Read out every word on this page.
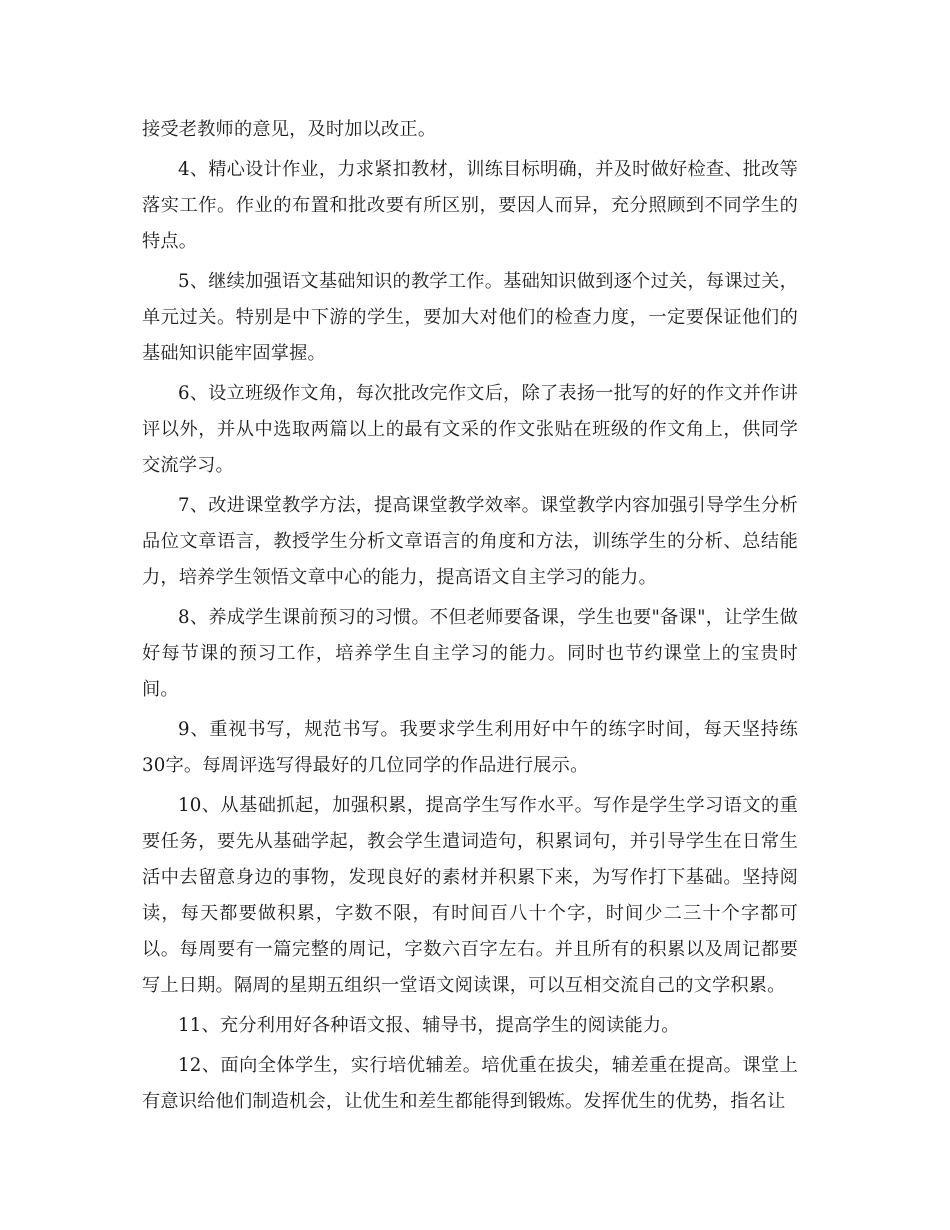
接受老教师的意见，及时加以改正。

4、精心设计作业，力求紧扣教材，训练目标明确，并及时做好检查、批改等落实工作。作业的布置和批改要有所区别，要因人而异，充分照顾到不同学生的特点。

5、继续加强语文基础知识的教学工作。基础知识做到逐个过关，每课过关，单元过关。特别是中下游的学生，要加大对他们的检查力度，一定要保证他们的基础知识能牢固掌握。

6、设立班级作文角，每次批改完作文后，除了表扬一批写的好的作文并作讲评以外，并从中选取两篇以上的最有文采的作文张贴在班级的作文角上，供同学交流学习。

7、改进课堂教学方法，提高课堂教学效率。课堂教学内容加强引导学生分析品位文章语言，教授学生分析文章语言的角度和方法，训练学生的分析、总结能力，培养学生领悟文章中心的能力，提高语文自主学习的能力。

8、养成学生课前预习的习惯。不但老师要备课，学生也要"备课"，让学生做好每节课的预习工作，培养学生自主学习的能力。同时也节约课堂上的宝贵时间。

9、重视书写，规范书写。我要求学生利用好中午的练字时间，每天坚持练30字。每周评选写得最好的几位同学的作品进行展示。

10、从基础抓起，加强积累，提高学生写作水平。写作是学生学习语文的重要任务，要先从基础学起，教会学生遣词造句，积累词句，并引导学生在日常生活中去留意身边的事物，发现良好的素材并积累下来，为写作打下基础。坚持阅读，每天都要做积累，字数不限，有时间百八十个字，时间少二三十个字都可以。每周要有一篇完整的周记，字数六百字左右。并且所有的积累以及周记都要写上日期。隔周的星期五组织一堂语文阅读课，可以互相交流自己的文学积累。

11、充分利用好各种语文报、辅导书，提高学生的阅读能力。

12、面向全体学生，实行培优辅差。培优重在拔尖，辅差重在提高。课堂上有意识给他们制造机会，让优生和差生都能得到锻炼。发挥优生的优势，指名让
